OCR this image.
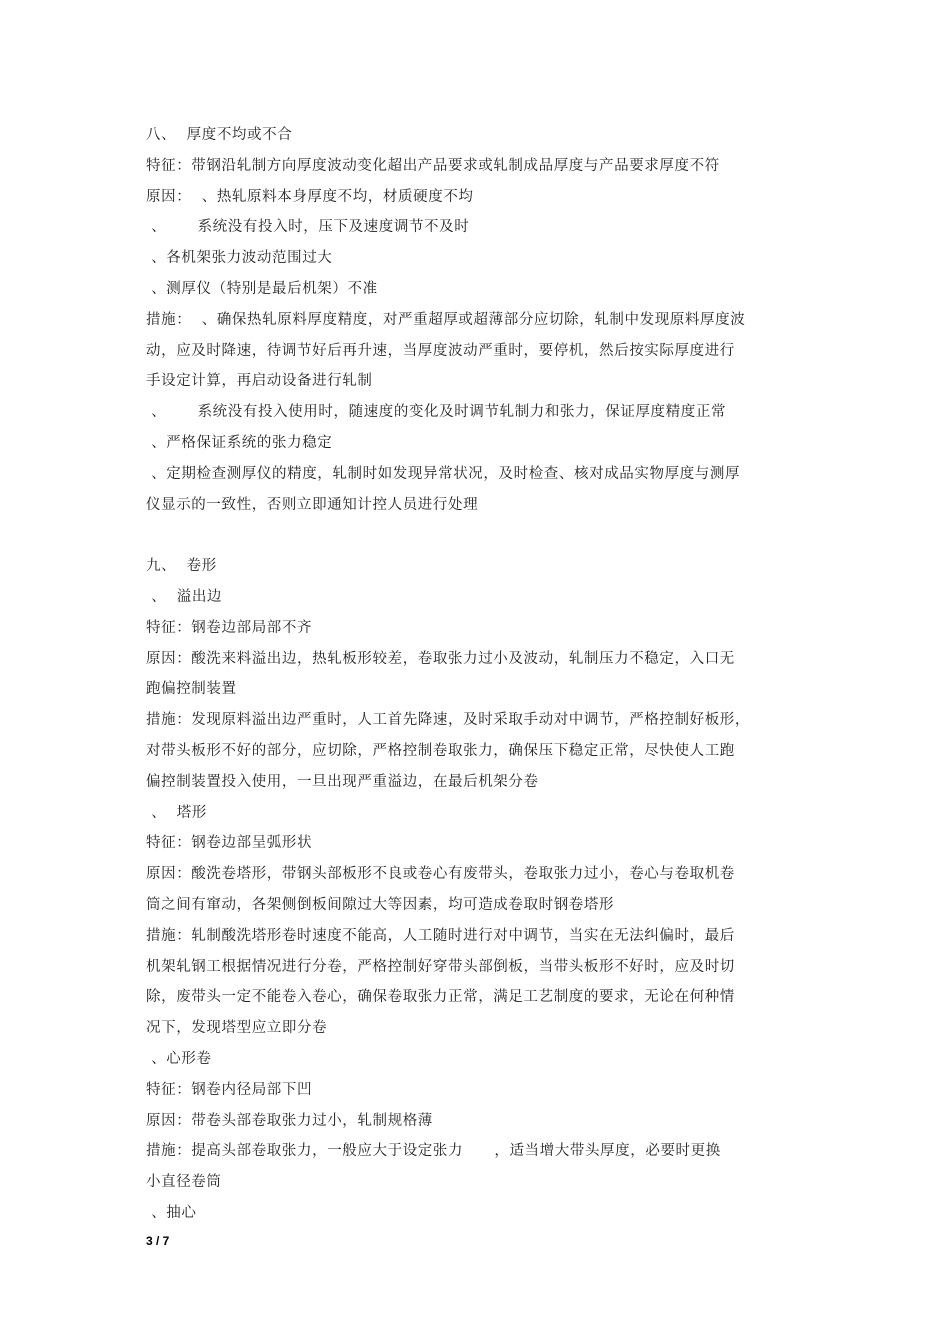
八、  厚度不均或不合
特征：带钢沿轧制方向厚度波动变化超出产品要求或轧制成品厚度与产品要求厚度不符
原因：  、热轧原料本身厚度不均，材质硬度不均
、      系统没有投入时，压下及速度调节不及时
、各机架张力波动范围过大
、测厚仪（特别是最后机架）不准
措施：  、确保热轧原料厚度精度，对严重超厚或超薄部分应切除，轧制中发现原料厚度波
动，应及时降速，待调节好后再升速，当厚度波动严重时，要停机，然后按实际厚度进行
手设定计算，再启动设备进行轧制
、      系统没有投入使用时，随速度的变化及时调节轧制力和张力，保证厚度精度正常
、严格保证系统的张力稳定
、定期检查测厚仪的精度，轧制时如发现异常状况，及时检查、核对成品实物厚度与测厚
仪显示的一致性，否则立即通知计控人员进行处理
九、  卷形
、  溢出边
特征：钢卷边部局部不齐
原因：酸洗来料溢出边，热轧板形较差，卷取张力过小及波动，轧制压力不稳定，入口无
跑偏控制装置
措施：发现原料溢出边严重时，人工首先降速，及时采取手动对中调节，严格控制好板形，
对带头板形不好的部分，应切除，严格控制卷取张力，确保压下稳定正常，尽快使人工跑
偏控制装置投入使用，一旦出现严重溢边，在最后机架分卷
、  塔形
特征：钢卷边部呈弧形状
原因：酸洗卷塔形，带钢头部板形不良或卷心有废带头，卷取张力过小，卷心与卷取机卷
筒之间有窜动，各架侧倒板间隙过大等因素，均可造成卷取时钢卷塔形
措施：轧制酸洗塔形卷时速度不能高，人工随时进行对中调节，当实在无法纠偏时，最后
机架轧钢工根据情况进行分卷，严格控制好穿带头部倒板，当带头板形不好时，应及时切
除，废带头一定不能卷入卷心，确保卷取张力正常，满足工艺制度的要求，无论在何种情
况下，发现塔型应立即分卷
、心形卷
特征：钢卷内径局部下凹
原因：带卷头部卷取张力过小，轧制规格薄
措施：提高头部卷取张力，一般应大于设定张力      ，适当增大带头厚度，必要时更换
小直径卷筒
、抽心
3 / 7
